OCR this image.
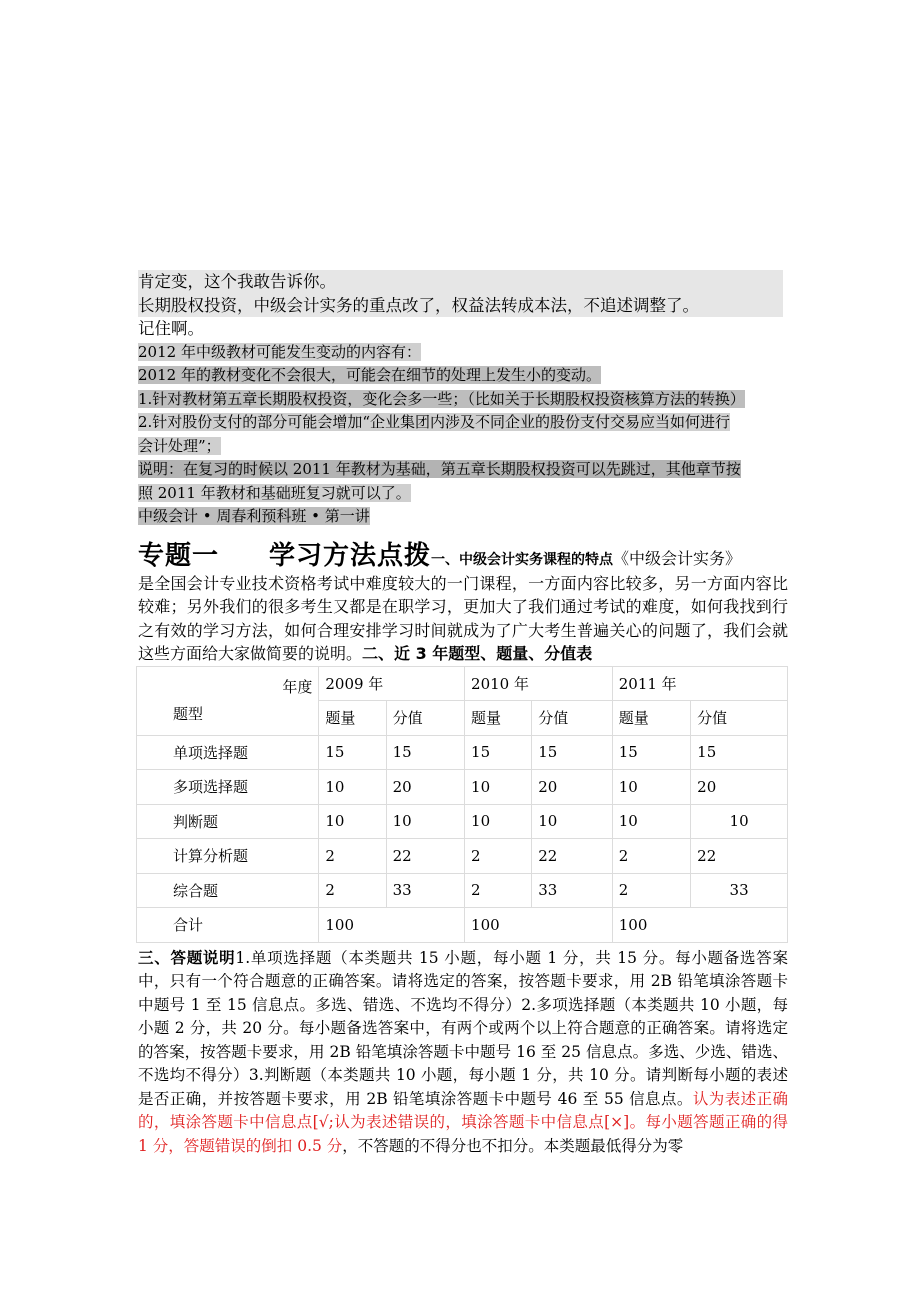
肯定变，这个我敢告诉你。
长期股权投资，中级会计实务的重点改了，权益法转成本法，不追述调整了。
记住啊。
2012 年中级教材可能发生变动的内容有：
2012 年的教材变化不会很大，可能会在细节的处理上发生小的变动。
1.针对教材第五章长期股权投资，变化会多一些；（比如关于长期股权投资核算方法的转换）
2.针对股份支付的部分可能会增加“企业集团内涉及不同企业的股份支付交易应当如何进行
会计处理”；
说明：在复习的时候以 2011 年教材为基础，第五章长期股权投资可以先跳过，其他章节按
照 2011 年教材和基础班复习就可以了。
中级会计 • 周春利预科班 • 第一讲
专题一 学习方法点拨一、中级会计实务课程的特点《中级会计实务》
是全国会计专业技术资格考试中难度较大的一门课程，一方面内容比较多，另一方面内容比较难；另外我们的很多考生又都是在职学习，更加大了我们通过考试的难度，如何我找到行之有效的学习方法，如何合理安排学习时间就成为了广大考生普遍关心的问题了，我们会就这些方面给大家做简要的说明。二、近 3 年题型、题量、分值表
年度
题型	2009 年		2010 年		2011 年	
	题量	分值	题量	分值	题量	分值
单项选择题	15	15	15	15	15	15
多项选择题	10	20	10	20	10	20
判断题	10	10	10	10	10	10
计算分析题	2	22	2	22	2	22
综合题	2	33	2	33	2	33
合计	100		100		100	
三、答题说明1.单项选择题（本类题共 15 小题，每小题 1 分，共 15 分。每小题备选答案中，只有一个符合题意的正确答案。请将选定的答案，按答题卡要求，用 2B 铅笔填涂答题卡中题号 1 至 15 信息点。多选、错选、不选均不得分）2.多项选择题（本类题共 10 小题，每小题 2 分，共 20 分。每小题备选答案中，有两个或两个以上符合题意的正确答案。请将选定的答案，按答题卡要求，用 2B 铅笔填涂答题卡中题号 16 至 25 信息点。多选、少选、错选、不选均不得分）3.判断题（本类题共 10 小题，每小题 1 分，共 10 分。请判断每小题的表述是否正确，并按答题卡要求，用 2B 铅笔填涂答题卡中题号 46 至 55 信息点。认为表述正确的，填涂答题卡中信息点[√;认为表述错误的，填涂答题卡中信息点[×]。每小题答题正确的得 1 分，答题错误的倒扣 0.5 分，不答题的不得分也不扣分。本类题最低得分为零
